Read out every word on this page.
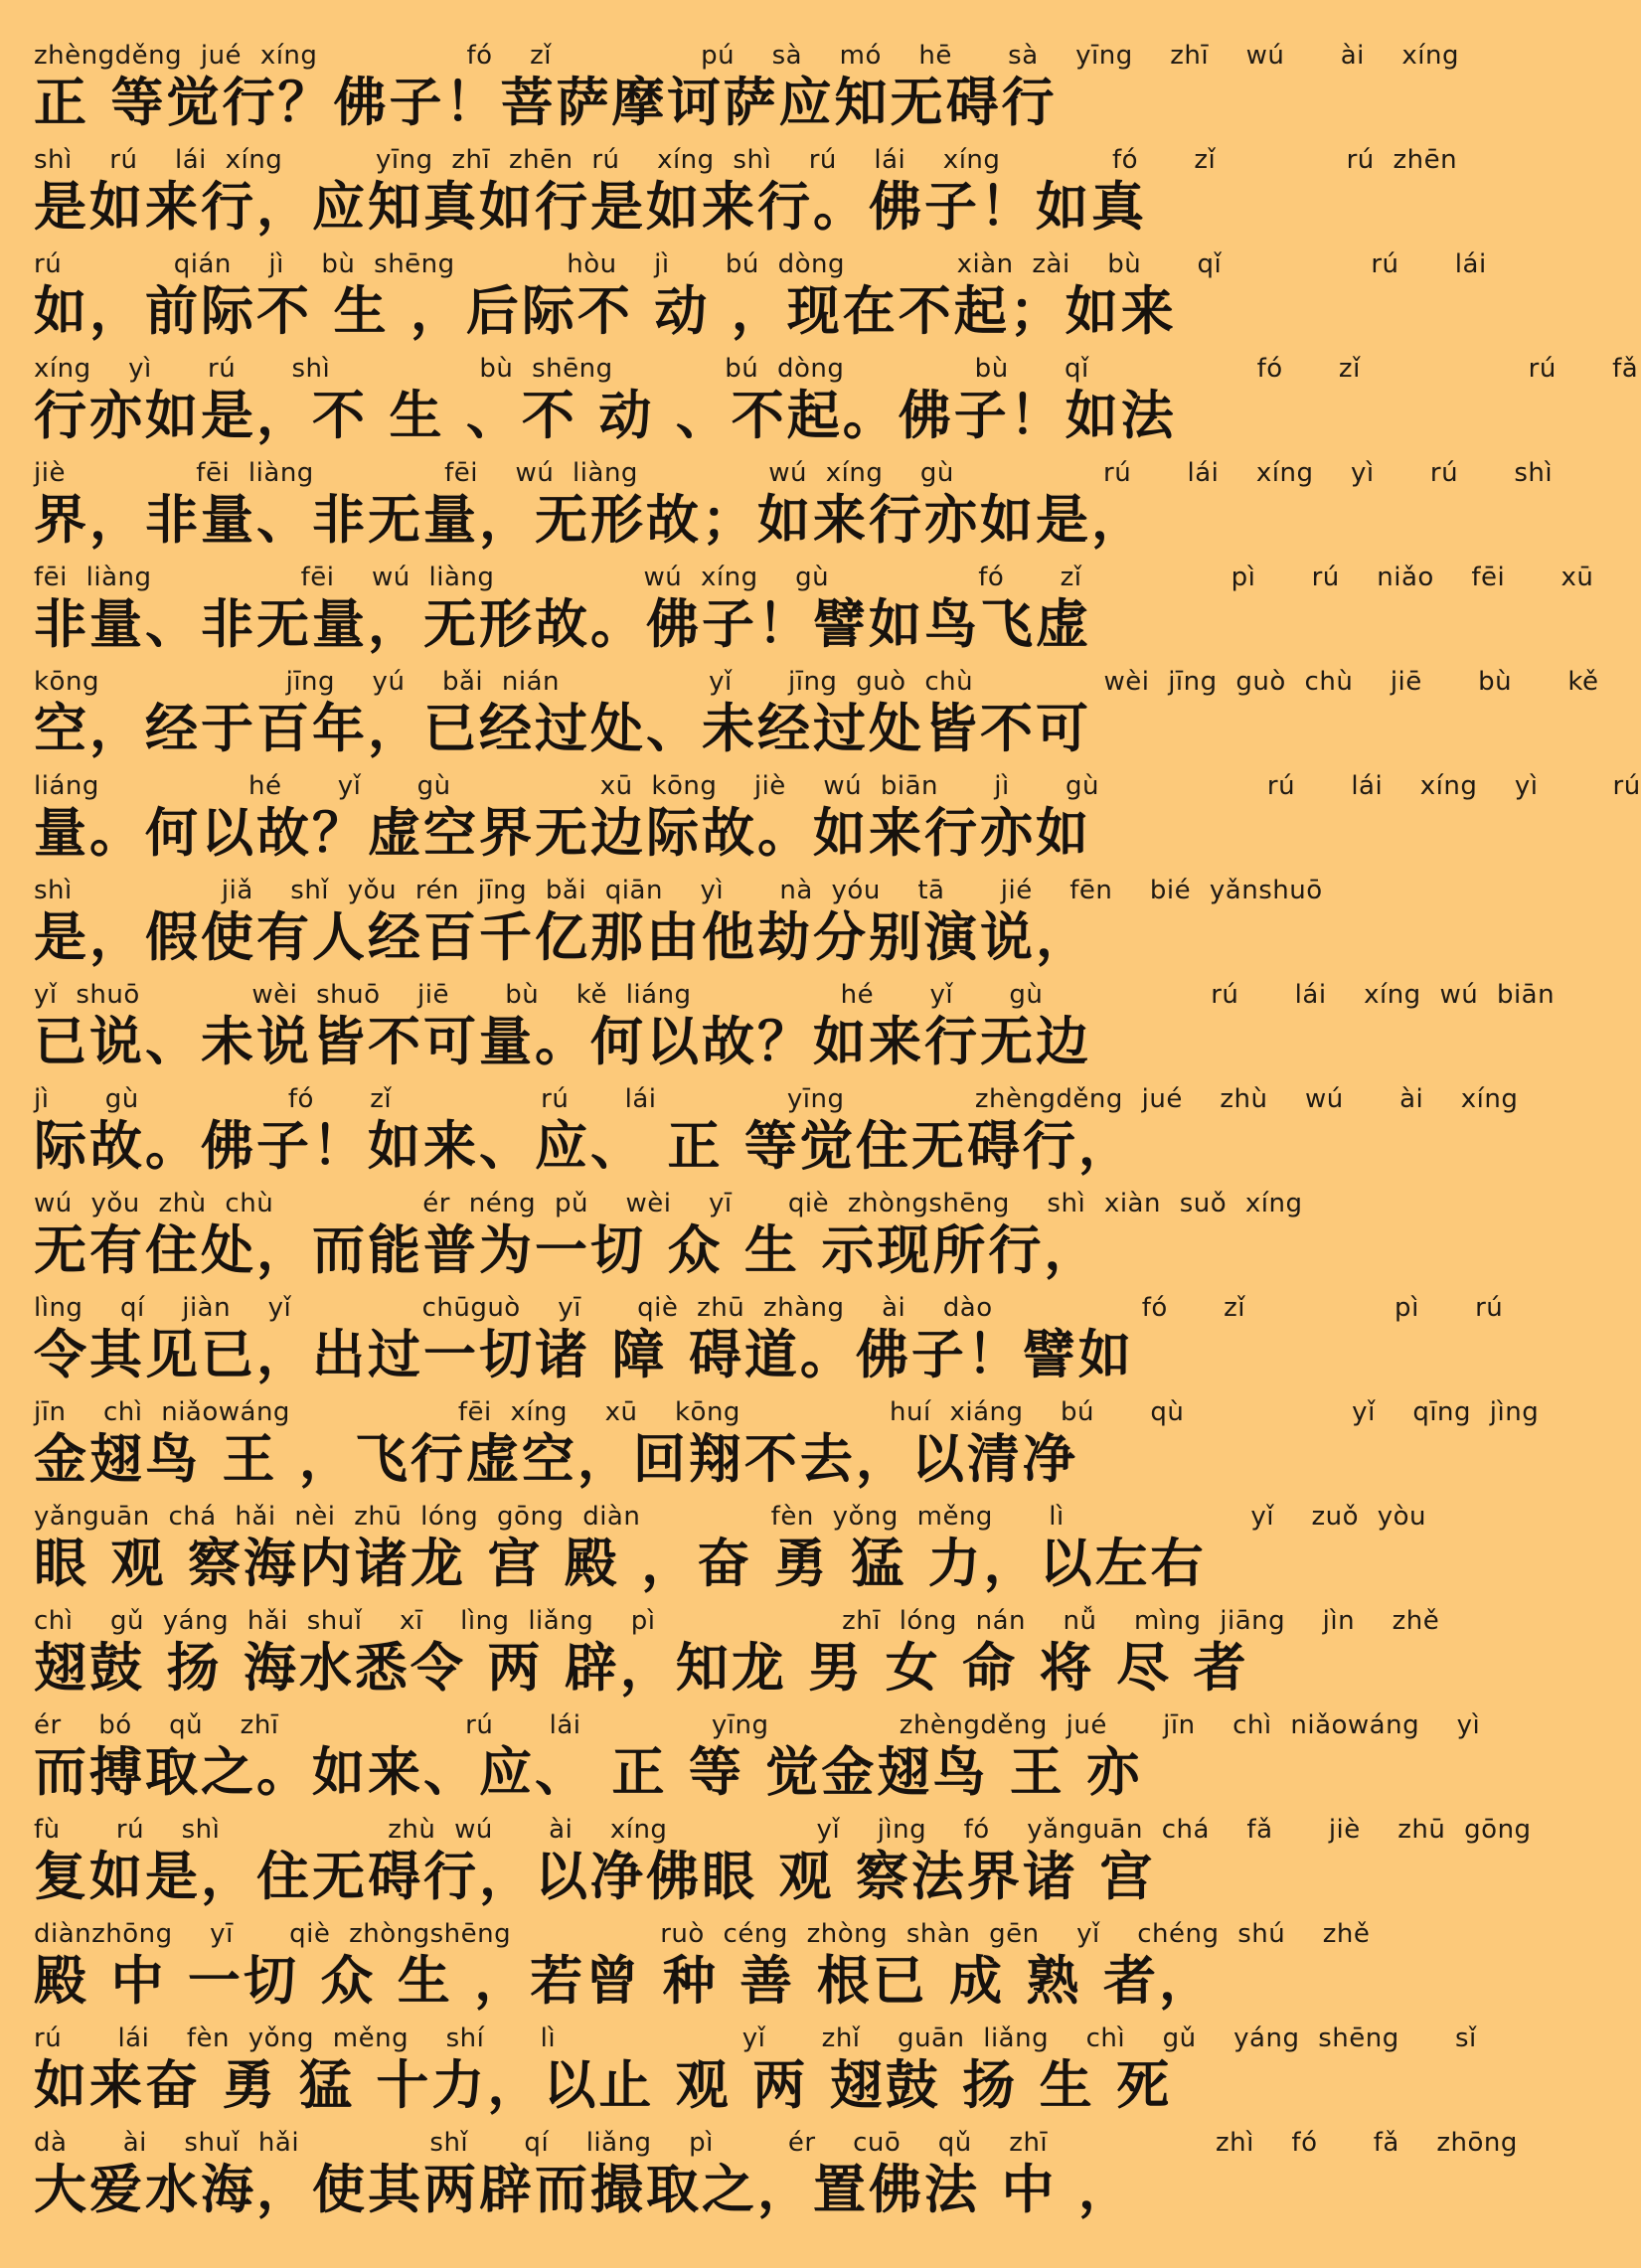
zhèngděng jué xíng        fó  zǐ        pú  sà  mó  hē   sà  yīng  zhī  wú   ài  xíng
正 等觉行？佛子！菩萨摩诃萨应知无碍行
shì  rú  lái xíng     yīng zhī zhēn rú  xíng shì  rú  lái  xíng      fó   zǐ       rú zhēn
是如来行，应知真如行是如来行。佛子！如真
rú      qián  jì  bù shēng      hòu  jì   bú dòng      xiàn zài  bù   qǐ        rú   lái
如，前际不 生 ，后际不 动 ，现在不起；如来
xíng  yì   rú   shì        bù shēng      bú dòng       bù   qǐ         fó   zǐ         rú   fǎ
行亦如是，不 生 、不 动 、不起。佛子！如法
jiè       fēi liàng       fēi  wú liàng       wú xíng  gù        rú   lái  xíng  yì   rú   shì
界，非量、非无量，无形故；如来行亦如是，
fēi liàng        fēi  wú liàng        wú xíng  gù        fó   zǐ        pì   rú  niǎo  fēi   xū
非量、非无量，无形故。佛子！譬如鸟飞虚
kōng          jīng  yú  bǎi nián        yǐ   jīng guò chù       wèi jīng guò chù  jiē   bù   kě
空，经于百年，已经过处、未经过处皆不可
liáng        hé   yǐ   gù        xū kōng  jiè  wú biān   jì   gù         rú   lái  xíng  yì    rú
量。何以故？虚空界无边际故。如来行亦如
shì        jiǎ  shǐ yǒu rén jīng bǎi qiān  yì   nà yóu  tā   jié  fēn  bié yǎnshuō
是，假使有人经百千亿那由他劫分别演说，
yǐ shuō      wèi shuō  jiē   bù  kě liáng        hé   yǐ   gù         rú   lái  xíng wú biān
已说、未说皆不可量。何以故？如来行无边
jì   gù        fó   zǐ        rú   lái       yīng       zhèngděng jué  zhù  wú   ài  xíng
际故。佛子！如来、应、 正 等觉住无碍行，
wú yǒu zhù chù        ér néng pǔ  wèi  yī   qiè zhòngshēng  shì xiàn suǒ xíng
无有住处，而能普为一切 众 生 示现所行，
lìng  qí  jiàn  yǐ       chūguò  yī   qiè zhū zhàng  ài  dào        fó   zǐ        pì   rú
令其见已，出过一切诸 障 碍道。佛子！譬如
jīn  chì niǎowáng         fēi xíng  xū  kōng        huí xiáng  bú   qù         yǐ  qīng jìng
金翅鸟 王 ，飞行虚空，回翔不去，以清净
yǎnguān chá hǎi nèi zhū lóng gōng diàn       fèn yǒng měng   lì          yǐ  zuǒ yòu
眼 观 察海内诸龙 宫 殿 ，奋 勇 猛 力，以左右
chì  gǔ yáng hǎi shuǐ  xī  lìng liǎng  pì          zhī lóng nán  nǚ  mìng jiāng  jìn  zhě
翅鼓 扬 海水悉令 两 辟，知龙 男 女 命 将 尽 者
ér  bó  qǔ  zhī          rú   lái       yīng       zhèngděng jué   jīn  chì niǎowáng  yì
而搏取之。如来、应、 正 等 觉金翅鸟 王 亦
fù   rú  shì         zhù wú   ài  xíng        yǐ  jìng  fó  yǎnguān chá  fǎ   jiè  zhū gōng
复如是，住无碍行，以净佛眼 观 察法界诸 宫
diànzhōng  yī   qiè zhòngshēng        ruò céng zhòng shàn gēn  yǐ  chéng shú  zhě
殿 中 一切 众 生 ，若曾 种 善 根已 成 熟 者，
rú   lái  fèn yǒng měng  shí   lì          yǐ   zhǐ  guān liǎng  chì  gǔ  yáng shēng   sǐ
如来奋 勇 猛 十力，以止 观 两 翅鼓 扬 生 死
dà   ài  shuǐ hǎi       shǐ   qí  liǎng  pì    ér  cuō  qǔ  zhī         zhì  fó   fǎ  zhōng
大爱水海，使其两辟而撮取之，置佛法 中 ，
